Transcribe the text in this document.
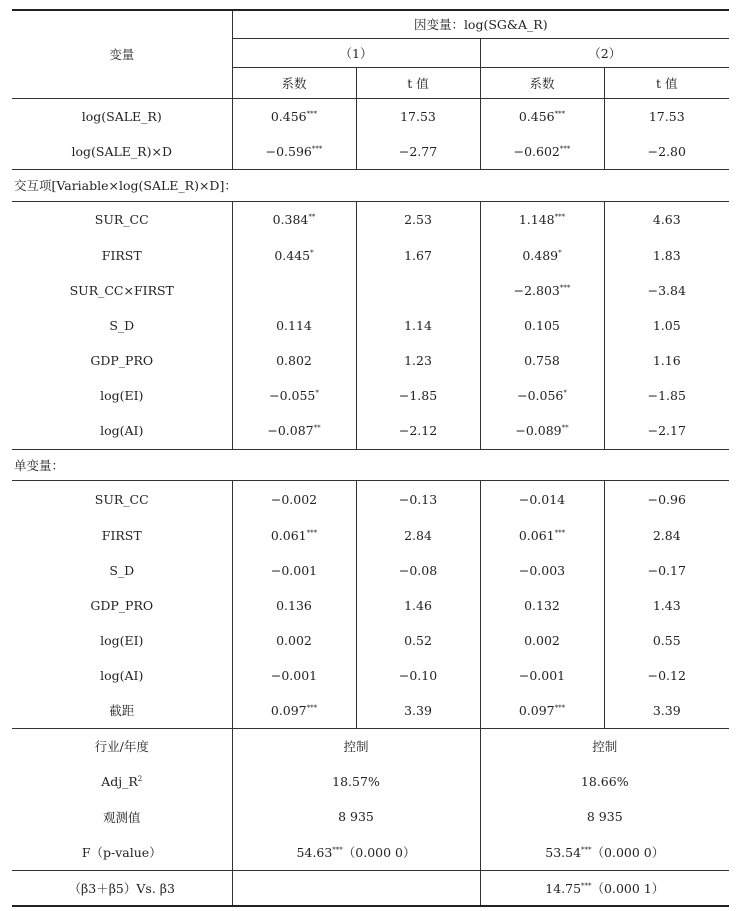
变量	因变量：log(SG&A_R)			
	（1）		（2）	
	系数	t 值	系数	t 值
log(SALE_R)	0.456***	17.53	0.456***	17.53
log(SALE_R)×D	−0.596***	−2.77	−0.602***	−2.80
交互项[Variable×log(SALE_R)×D]：				
SUR_CC	0.384**	2.53	1.148***	4.63
FIRST	0.445*	1.67	0.489*	1.83
SUR_CC×FIRST			−2.803***	−3.84
S_D	0.114	1.14	0.105	1.05
GDP_PRO	0.802	1.23	0.758	1.16
log(EI)	−0.055*	−1.85	−0.056*	−1.85
log(AI)	−0.087**	−2.12	−0.089**	−2.17
单变量：				
SUR_CC	−0.002	−0.13	−0.014	−0.96
FIRST	0.061***	2.84	0.061***	2.84
S_D	−0.001	−0.08	−0.003	−0.17
GDP_PRO	0.136	1.46	0.132	1.43
log(EI)	0.002	0.52	0.002	0.55
log(AI)	−0.001	−0.10	−0.001	−0.12
截距	0.097***	3.39	0.097***	3.39
行业/年度	控制		控制	
$Adj\_R^2$	18.57%		18.66%	
观测值	8 935		8 935	
F（p-value）	54.63***（0.000 0）		53.54***（0.000 0）	
（β3＋β5）Vs. β3			14.75***（0.000 1）	
